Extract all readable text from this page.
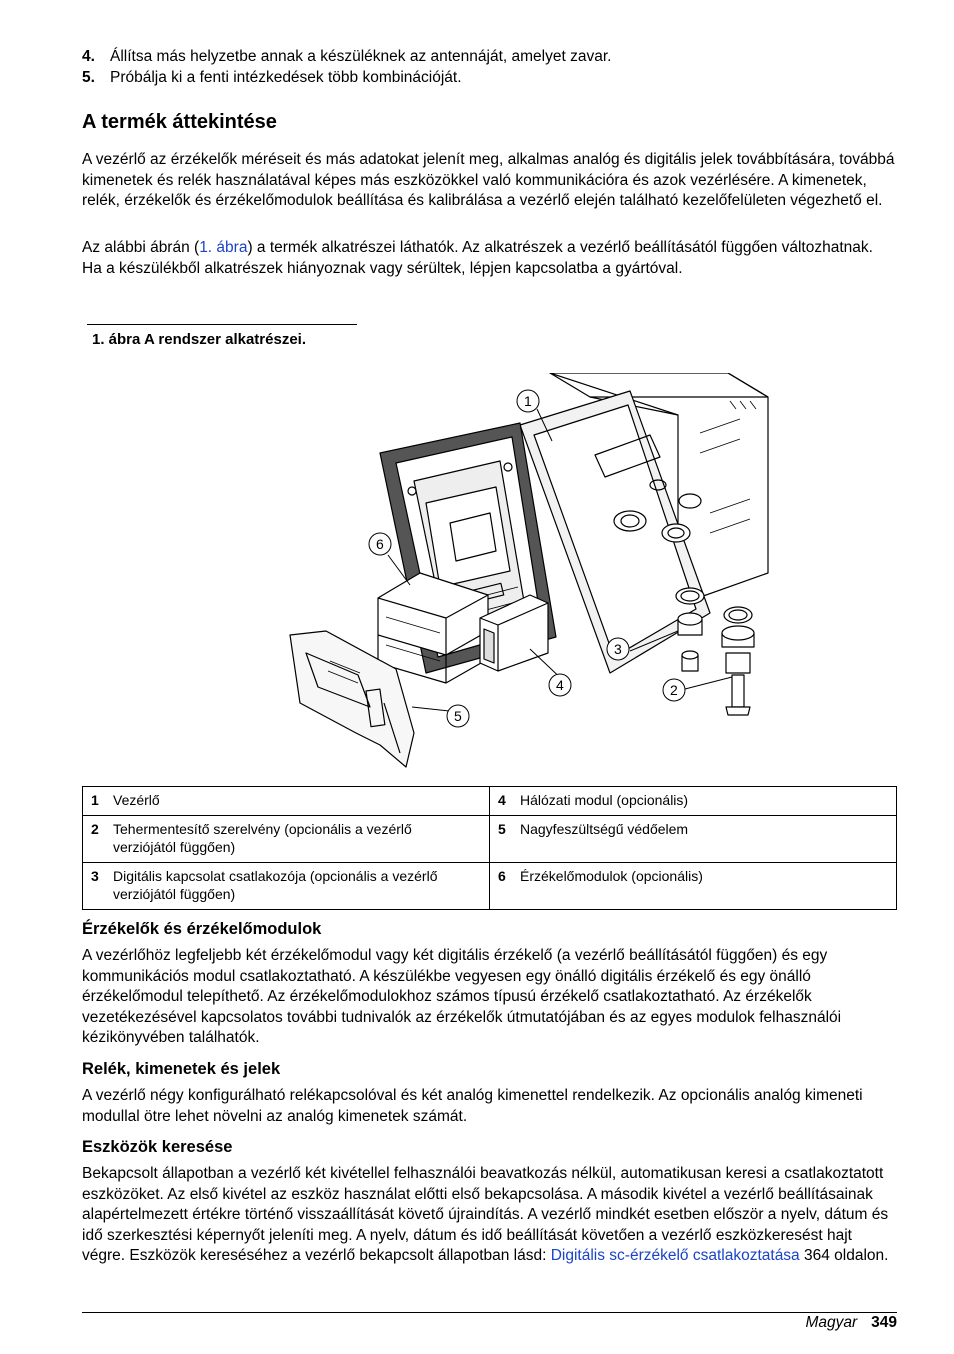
4. Állítsa más helyzetbe annak a készüléknek az antennáját, amelyet zavar.
5. Próbálja ki a fenti intézkedések több kombinációját.
A termék áttekintése

A vezérlő az érzékelők méréseit és más adatokat jelenít meg, alkalmas analóg és digitális jelek továbbítására, továbbá kimenetek és relék használatával képes más eszközökkel való kommunikációra és azok vezérlésére. A kimenetek, relék, érzékelők és érzékelőmodulok beállítása és kalibrálása a vezérlő elején található kezelőfelületen végezhető el.

Az alábbi ábrán (1. ábra) a termék alkatrészei láthatók. Az alkatrészek a vezérlő beállításától függően változhatnak. Ha a készülékből alkatrészek hiányoznak vagy sérültek, lépjen kapcsolatba a gyártóval.

1. ábra A rendszer alkatrészei.
1
6
3
2
4
5
1 Vezérlő	4 Hálózati modul (opcionális)
2 Tehermentesítő szerelvény (opcionális a vezérlő verziójától függően)	5 Nagyfeszültségű védőelem
3 Digitális kapcsolat csatlakozója (opcionális a vezérlő verziójától függően)	6 Érzékelőmodulok (opcionális)
Érzékelők és érzékelőmodulok

A vezérlőhöz legfeljebb két érzékelőmodul vagy két digitális érzékelő (a vezérlő beállításától függően) és egy kommunikációs modul csatlakoztatható. A készülékbe vegyesen egy önálló digitális érzékelő és egy önálló érzékelőmodul telepíthető. Az érzékelőmodulokhoz számos típusú érzékelő csatlakoztatható. Az érzékelők vezetékezésével kapcsolatos további tudnivalók az érzékelők útmutatójában és az egyes modulok felhasználói kézikönyvében találhatók.

Relék, kimenetek és jelek

A vezérlő négy konfigurálható relékapcsolóval és két analóg kimenettel rendelkezik. Az opcionális analóg kimeneti modullal ötre lehet növelni az analóg kimenetek számát.

Eszközök keresése

Bekapcsolt állapotban a vezérlő két kivétellel felhasználói beavatkozás nélkül, automatikusan keresi a csatlakoztatott eszközöket. Az első kivétel az eszköz használat előtti első bekapcsolása. A második kivétel a vezérlő beállításainak alapértelmezett értékre történő visszaállítását követő újraindítás. A vezérlő mindkét esetben először a nyelv, dátum és idő szerkesztési képernyőt jeleníti meg. A nyelv, dátum és idő beállítását követően a vezérlő eszközkeresést hajt végre. Eszközök kereséséhez a vezérlő bekapcsolt állapotban lásd: Digitális sc-érzékelő csatlakoztatása 364 oldalon.

Magyar 349
